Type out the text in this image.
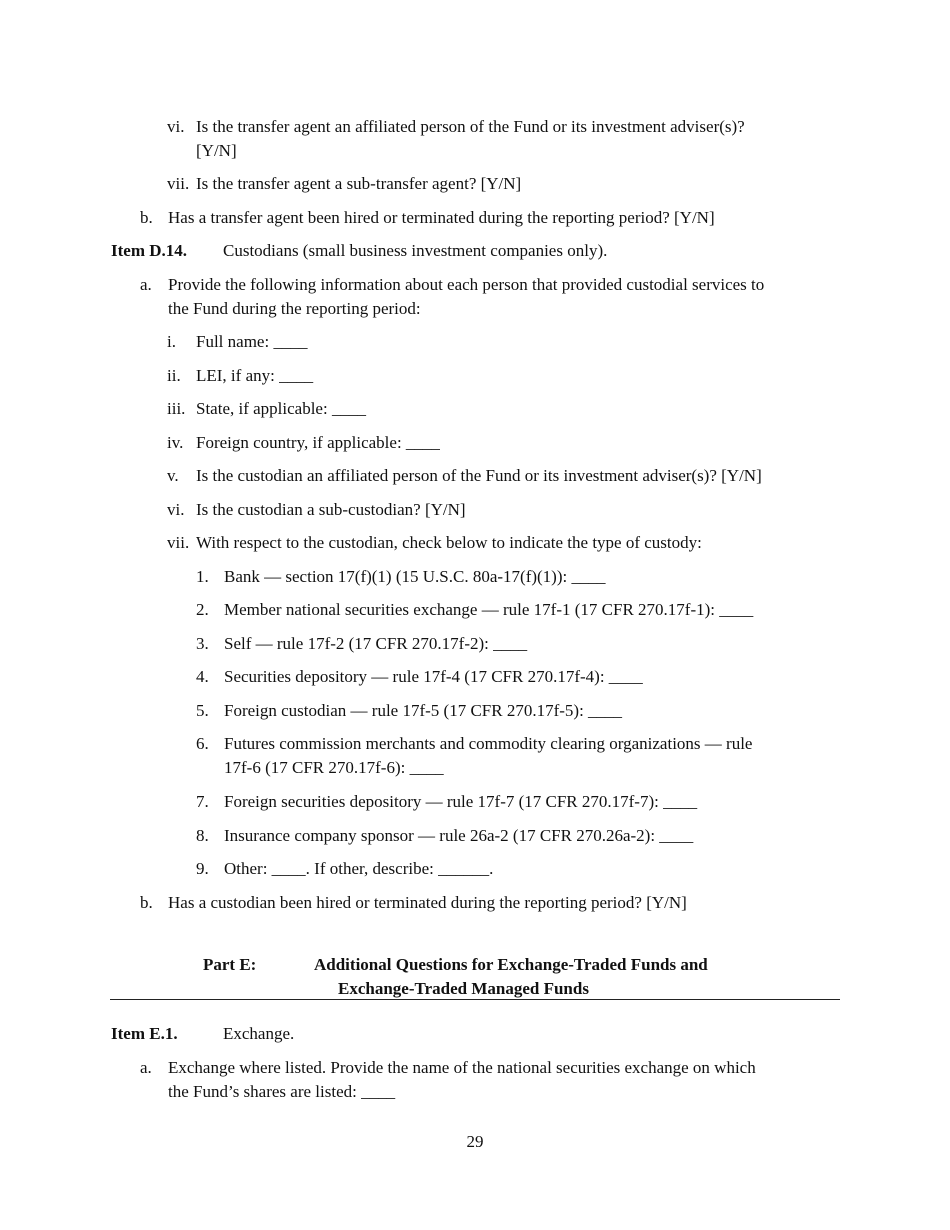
vi. Is the transfer agent an affiliated person of the Fund or its investment adviser(s)?
[Y/N]
vii. Is the transfer agent a sub-transfer agent? [Y/N]
b. Has a transfer agent been hired or terminated during the reporting period? [Y/N]
Item D.14. Custodians (small business investment companies only).
a. Provide the following information about each person that provided custodial services to
the Fund during the reporting period:
i. Full name: ____
ii. LEI, if any: ____
iii. State, if applicable: ____
iv. Foreign country, if applicable: ____
v. Is the custodian an affiliated person of the Fund or its investment adviser(s)? [Y/N]
vi. Is the custodian a sub-custodian? [Y/N]
vii. With respect to the custodian, check below to indicate the type of custody:
1. Bank — section 17(f)(1) (15 U.S.C. 80a-17(f)(1)): ____
2. Member national securities exchange — rule 17f-1 (17 CFR 270.17f-1): ____
3. Self — rule 17f-2 (17 CFR 270.17f-2): ____
4. Securities depository — rule 17f-4 (17 CFR 270.17f-4): ____
5. Foreign custodian — rule 17f-5 (17 CFR 270.17f-5): ____
6. Futures commission merchants and commodity clearing organizations — rule
17f-6 (17 CFR 270.17f-6): ____
7. Foreign securities depository — rule 17f-7 (17 CFR 270.17f-7): ____
8. Insurance company sponsor — rule 26a-2 (17 CFR 270.26a-2): ____
9. Other: ____. If other, describe: ______.
b. Has a custodian been hired or terminated during the reporting period? [Y/N]
Part E:	Additional Questions for Exchange-Traded Funds and
Exchange-Traded Managed Funds
Item E.1.	Exchange.
a. Exchange where listed. Provide the name of the national securities exchange on which
the Fund’s shares are listed: ____
29
